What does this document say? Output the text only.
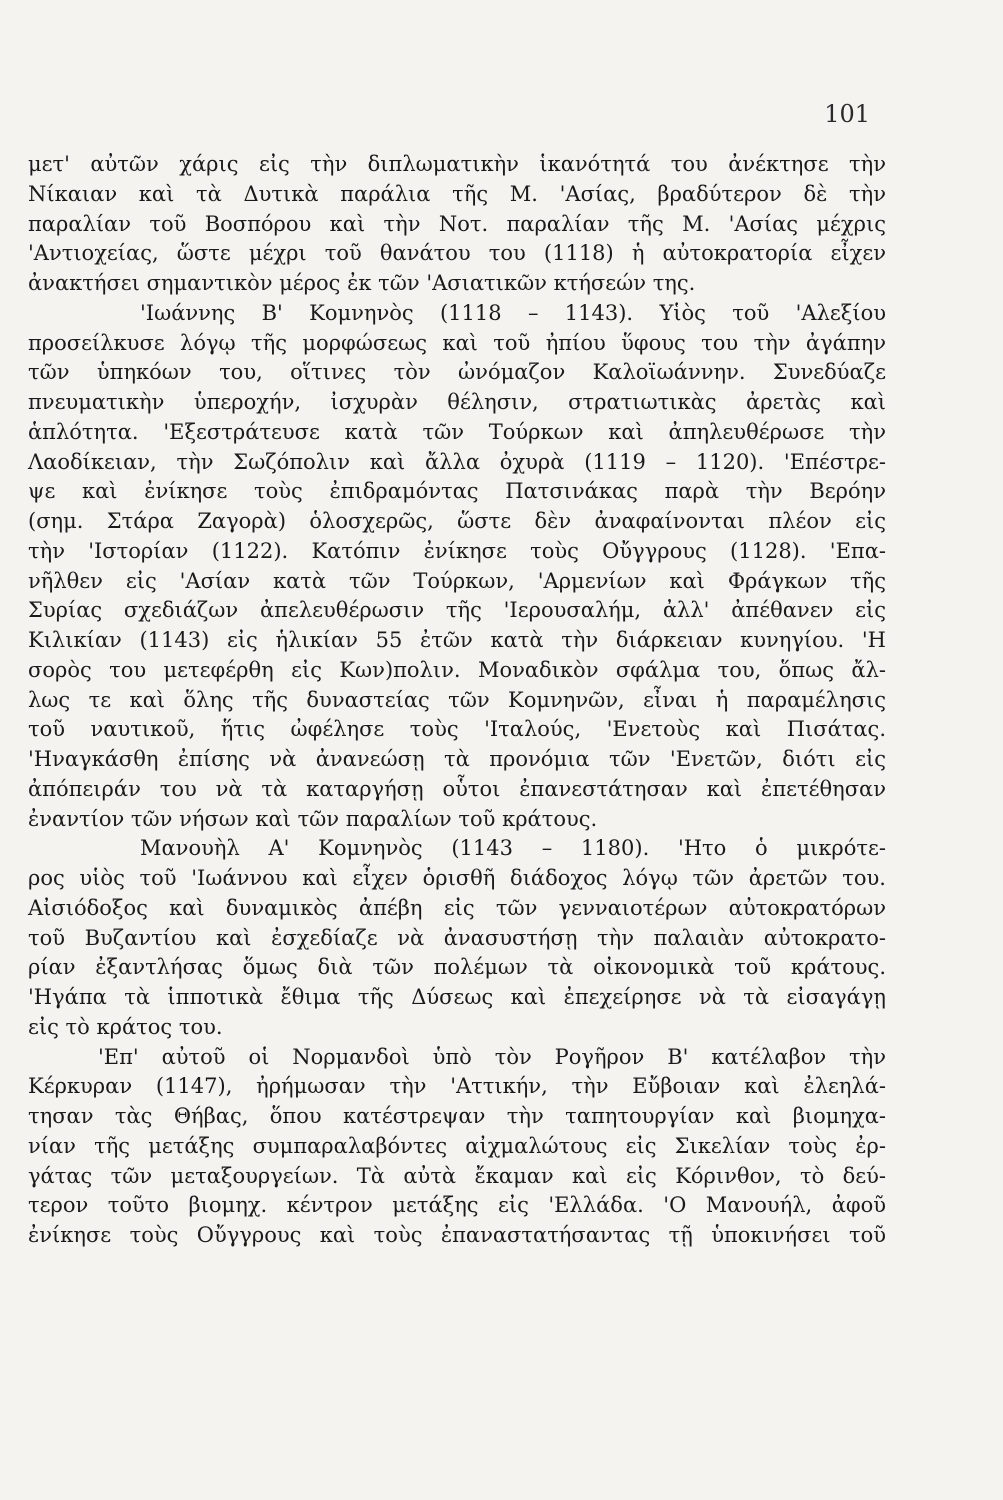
101
μετ' αὐτῶν χάρις εἰς τὴν διπλωματικὴν ἱκανότητά του ἀνέκτησε τὴν
Νίκαιαν καὶ τὰ Δυτικὰ παράλια τῆς Μ. 'Ασίας, βραδύτερον δὲ τὴν
παραλίαν τοῦ Βοσπόρου καὶ τὴν Νοτ. παραλίαν τῆς Μ. 'Ασίας μέχρις
'Αντιοχείας, ὥστε μέχρι τοῦ θανάτου του (1118) ἡ αὐτοκρατορία εἶχεν
ἀνακτήσει σημαντικὸν μέρος ἐκ τῶν 'Ασιατικῶν κτήσεών της.
'Ιωάννης Β' Κομνηνὸς (1118 – 1143). Υἱὸς τοῦ 'Αλεξίου
προσείλκυσε λόγῳ τῆς μορφώσεως καὶ τοῦ ἠπίου ὕφους του τὴν ἀγάπην
τῶν ὑπηκόων του, οἵτινες τὸν ὠνόμαζον Καλοϊωάννην. Συνεδύαζε
πνευματικὴν ὑπεροχήν, ἰσχυρὰν θέλησιν, στρατιωτικὰς ἀρετὰς καὶ
ἁπλότητα. 'Εξεστράτευσε κατὰ τῶν Τούρκων καὶ ἀπηλευθέρωσε τὴν
Λαοδίκειαν, τὴν Σωζόπολιν καὶ ἄλλα ὀχυρὰ (1119 – 1120). 'Επέστρε-
ψε καὶ ἐνίκησε τοὺς ἐπιδραμόντας Πατσινάκας παρὰ τὴν Βερόην
(σημ. Στάρα Ζαγορὰ) ὁλοσχερῶς, ὥστε δὲν ἀναφαίνονται πλέον εἰς
τὴν 'Ιστορίαν (1122). Κατόπιν ἐνίκησε τοὺς Οὔγγρους (1128). 'Επα-
νῆλθεν εἰς 'Ασίαν κατὰ τῶν Τούρκων, 'Αρμενίων καὶ Φράγκων τῆς
Συρίας σχεδιάζων ἀπελευθέρωσιν τῆς 'Ιερουσαλήμ, ἀλλ' ἀπέθανεν εἰς
Κιλικίαν (1143) εἰς ἡλικίαν 55 ἐτῶν κατὰ τὴν διάρκειαν κυνηγίου. 'Η
σορὸς του μετεφέρθη εἰς Κων)πολιν. Μοναδικὸν σφάλμα του, ὅπως ἄλ-
λως τε καὶ ὅλης τῆς δυναστείας τῶν Κομνηνῶν, εἶναι ἡ παραμέλησις
τοῦ ναυτικοῦ, ἥτις ὠφέλησε τοὺς 'Ιταλούς, 'Ενετοὺς καὶ Πισάτας.
'Ηναγκάσθη ἐπίσης νὰ ἀνανεώσῃ τὰ προνόμια τῶν 'Ενετῶν, διότι εἰς
ἀπόπειράν του νὰ τὰ καταργήσῃ οὗτοι ἐπανεστάτησαν καὶ ἐπετέθησαν
ἐναντίον τῶν νήσων καὶ τῶν παραλίων τοῦ κράτους.
Μανουὴλ Α' Κομνηνὸς (1143 – 1180). 'Ητο ὁ μικρότε-
ρος υἱὸς τοῦ 'Ιωάννου καὶ εἶχεν ὁρισθῆ διάδοχος λόγῳ τῶν ἀρετῶν του.
Αἰσιόδοξος καὶ δυναμικὸς ἀπέβη εἰς τῶν γενναιοτέρων αὐτοκρατόρων
τοῦ Βυζαντίου καὶ ἐσχεδίαζε νὰ ἀνασυστήσῃ τὴν παλαιὰν αὐτοκρατο-
ρίαν ἐξαντλήσας ὅμως διὰ τῶν πολέμων τὰ οἰκονομικὰ τοῦ κράτους.
'Ηγάπα τὰ ἱπποτικὰ ἔθιμα τῆς Δύσεως καὶ ἐπεχείρησε νὰ τὰ εἰσαγάγῃ
εἰς τὸ κράτος του.
'Επ' αὐτοῦ οἱ Νορμανδοὶ ὑπὸ τὸν Ρογῆρον Β' κατέλαβον τὴν
Κέρκυραν (1147), ἠρήμωσαν τὴν 'Αττικήν, τὴν Εὔβοιαν καὶ ἐλεηλά-
τησαν τὰς Θήβας, ὅπου κατέστρεψαν τὴν ταπητουργίαν καὶ βιομηχα-
νίαν τῆς μετάξης συμπαραλαβόντες αἰχμαλώτους εἰς Σικελίαν τοὺς ἐρ-
γάτας τῶν μεταξουργείων. Τὰ αὐτὰ ἔκαμαν καὶ εἰς Κόρινθον, τὸ δεύ-
τερον τοῦτο βιομηχ. κέντρον μετάξης εἰς 'Ελλάδα. 'Ο Μανουήλ, ἀφοῦ
ἐνίκησε τοὺς Οὔγγρους καὶ τοὺς ἐπαναστατήσαντας τῇ ὑποκινήσει τοῦ
